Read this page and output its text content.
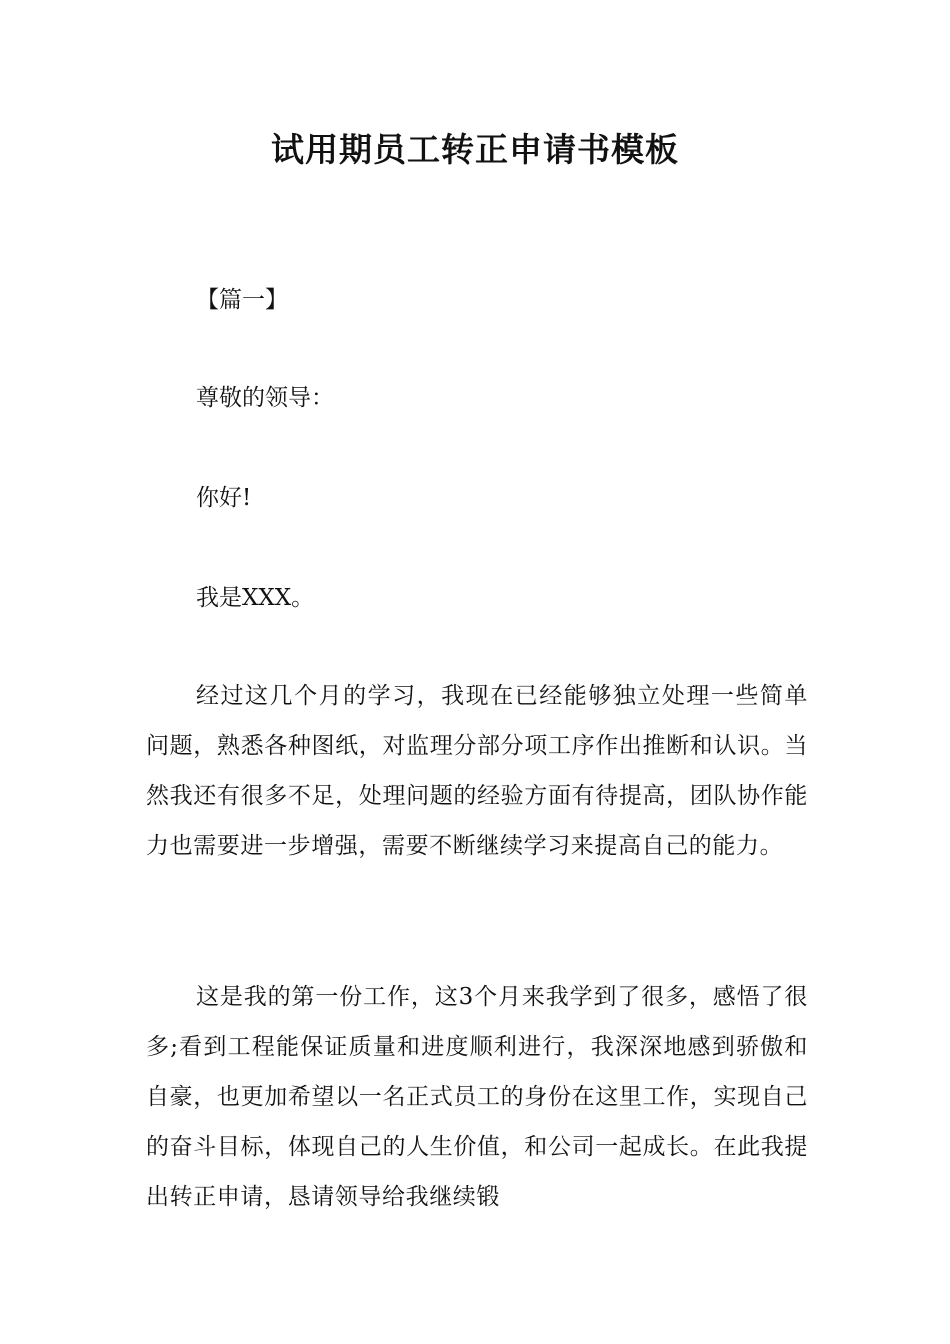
试用期员工转正申请书模板

【篇一】

尊敬的领导：

你好!

我是XXX。

经过这几个月的学习，我现在已经能够独立处理一些简单问题，熟悉各种图纸，对监理分部分项工序作出推断和认识。当然我还有很多不足，处理问题的经验方面有待提高，团队协作能力也需要进一步增强，需要不断继续学习来提高自己的能力。

这是我的第一份工作，这3个月来我学到了很多，感悟了很多;看到工程能保证质量和进度顺利进行，我深深地感到骄傲和自豪，也更加希望以一名正式员工的身份在这里工作，实现自己的奋斗目标，体现自己的人生价值，和公司一起成长。在此我提出转正申请，恳请领导给我继续锻
